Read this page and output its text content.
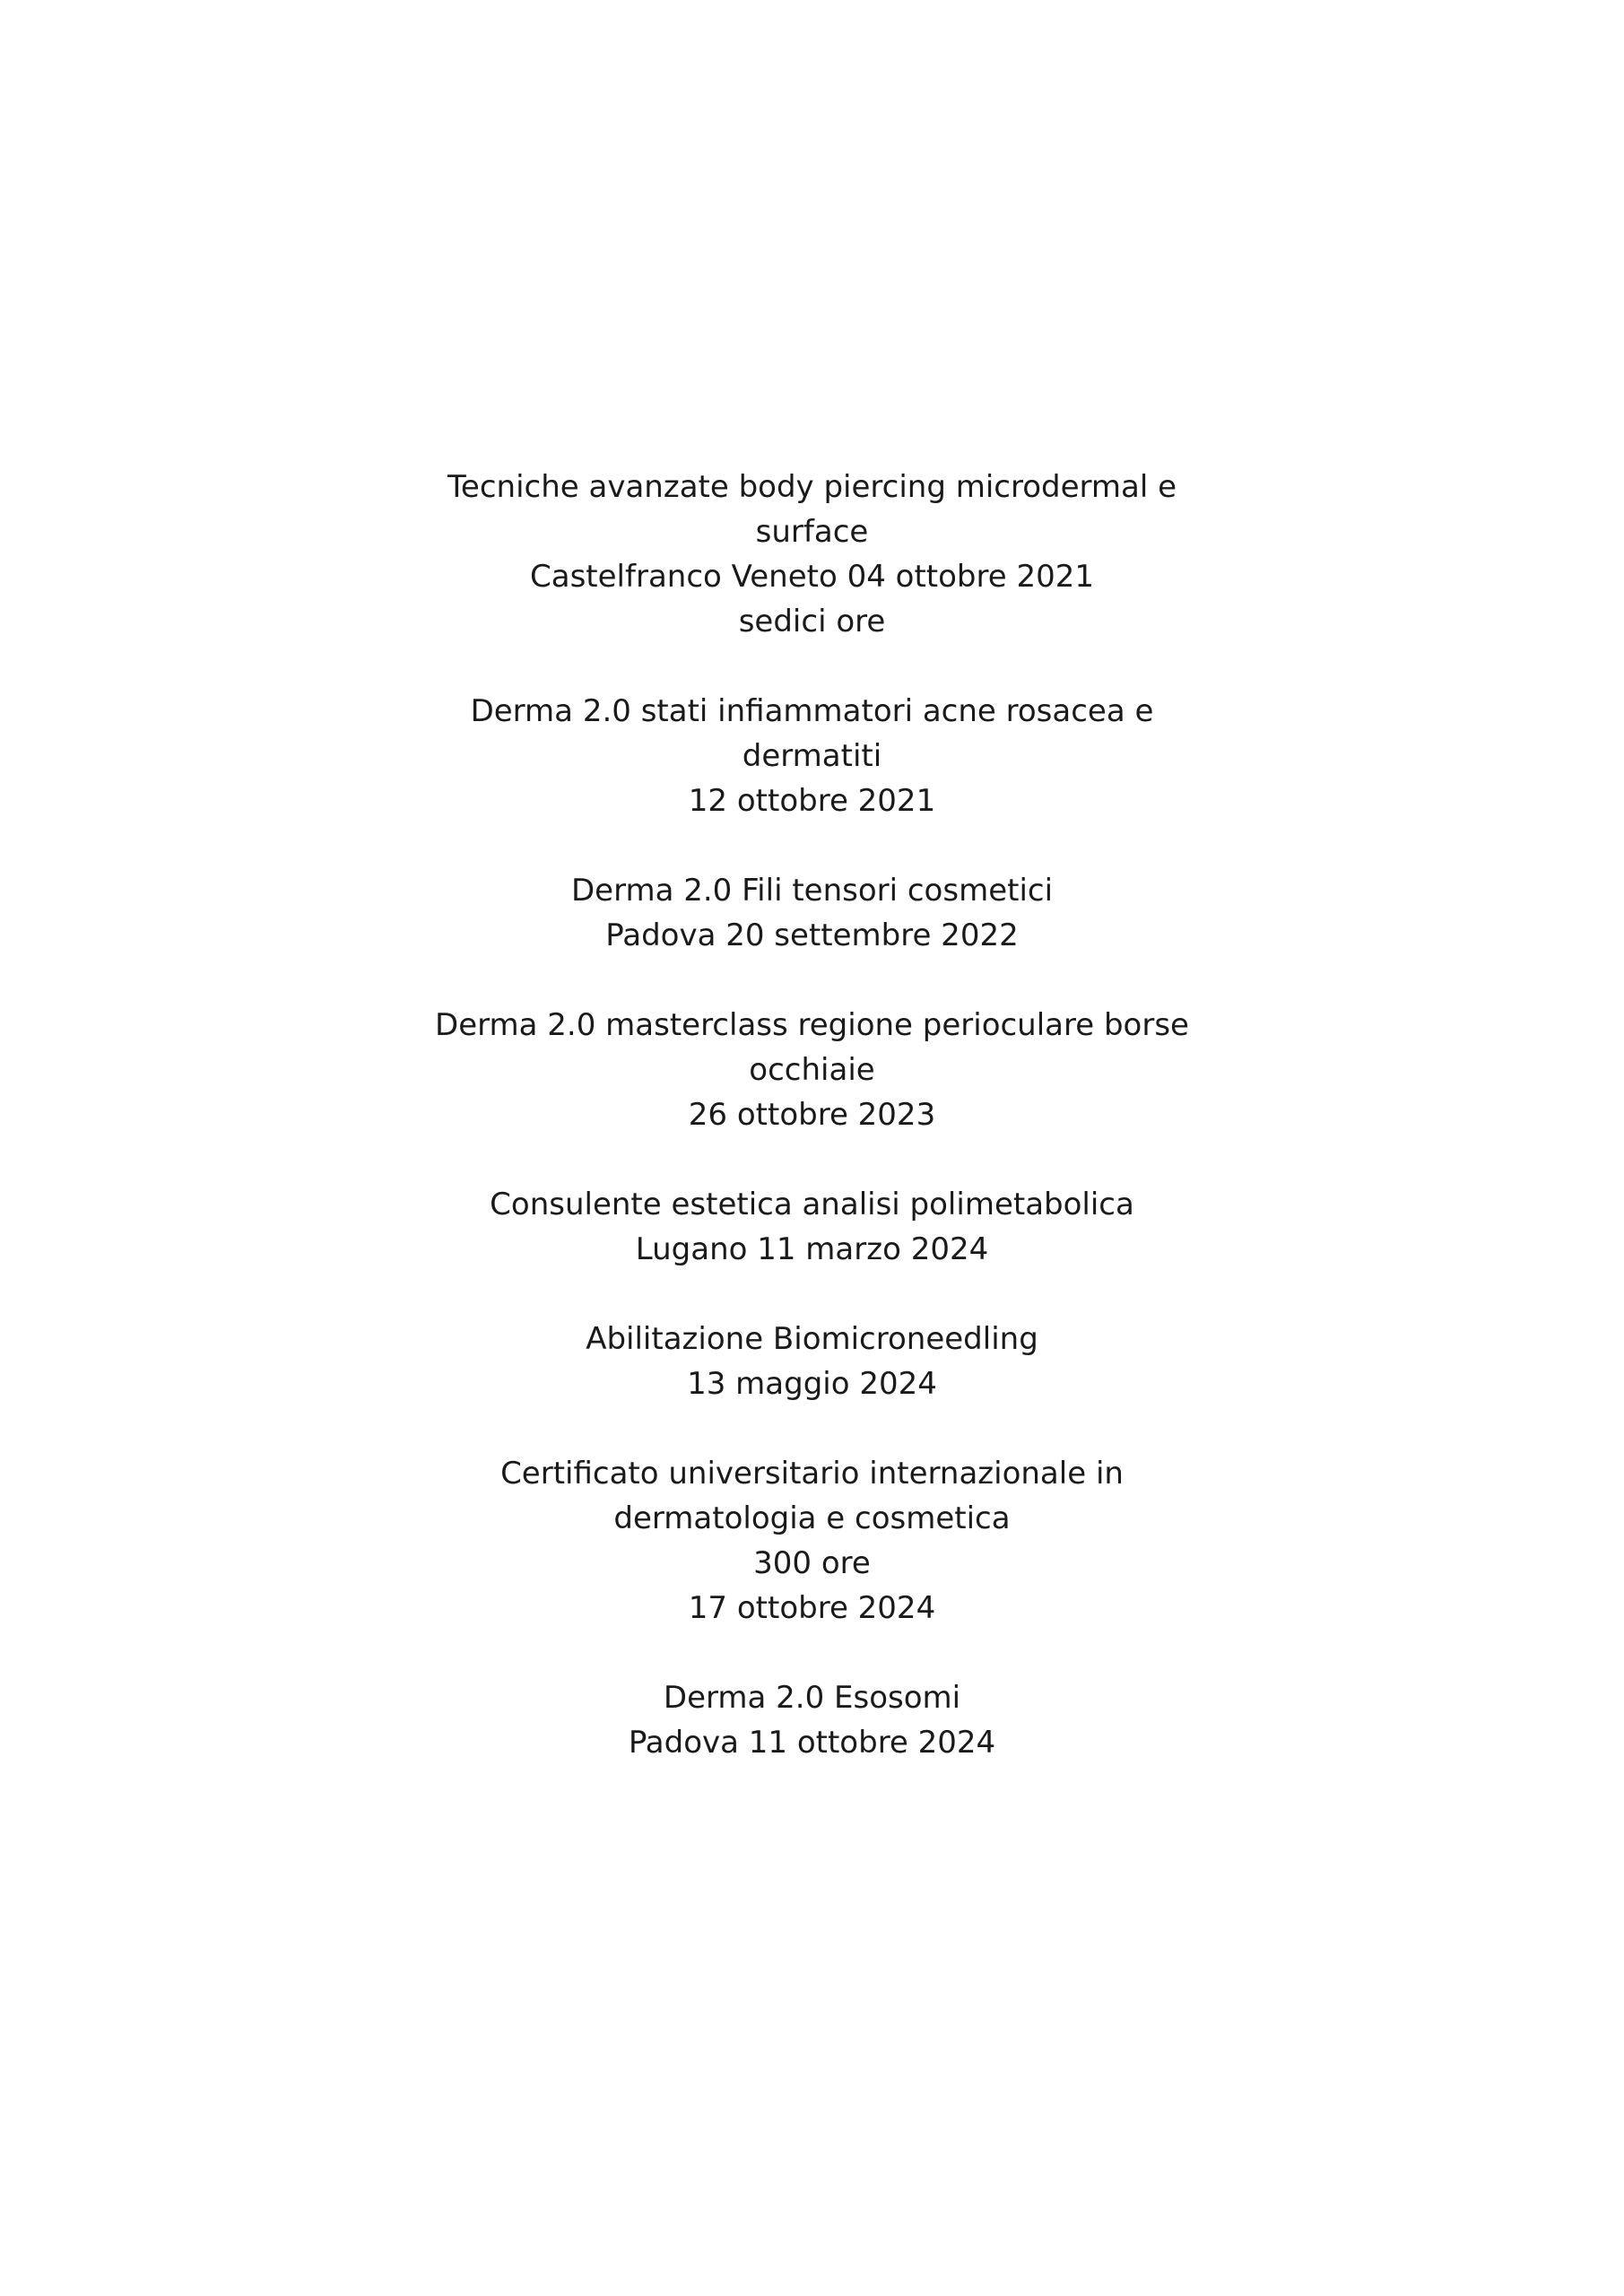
Tecniche avanzate body piercing microdermal e
surface
Castelfranco Veneto 04 ottobre 2021
sedici ore
Derma 2.0 stati infiammatori acne rosacea e
dermatiti
12 ottobre 2021
Derma 2.0 Fili tensori cosmetici
Padova 20 settembre 2022
Derma 2.0 masterclass regione perioculare borse
occhiaie
26 ottobre 2023
Consulente estetica analisi polimetabolica
Lugano 11 marzo 2024
Abilitazione Biomicroneedling
13 maggio 2024
Certificato universitario internazionale in
dermatologia e cosmetica
300 ore
17 ottobre 2024
Derma 2.0 Esosomi
Padova 11 ottobre 2024
